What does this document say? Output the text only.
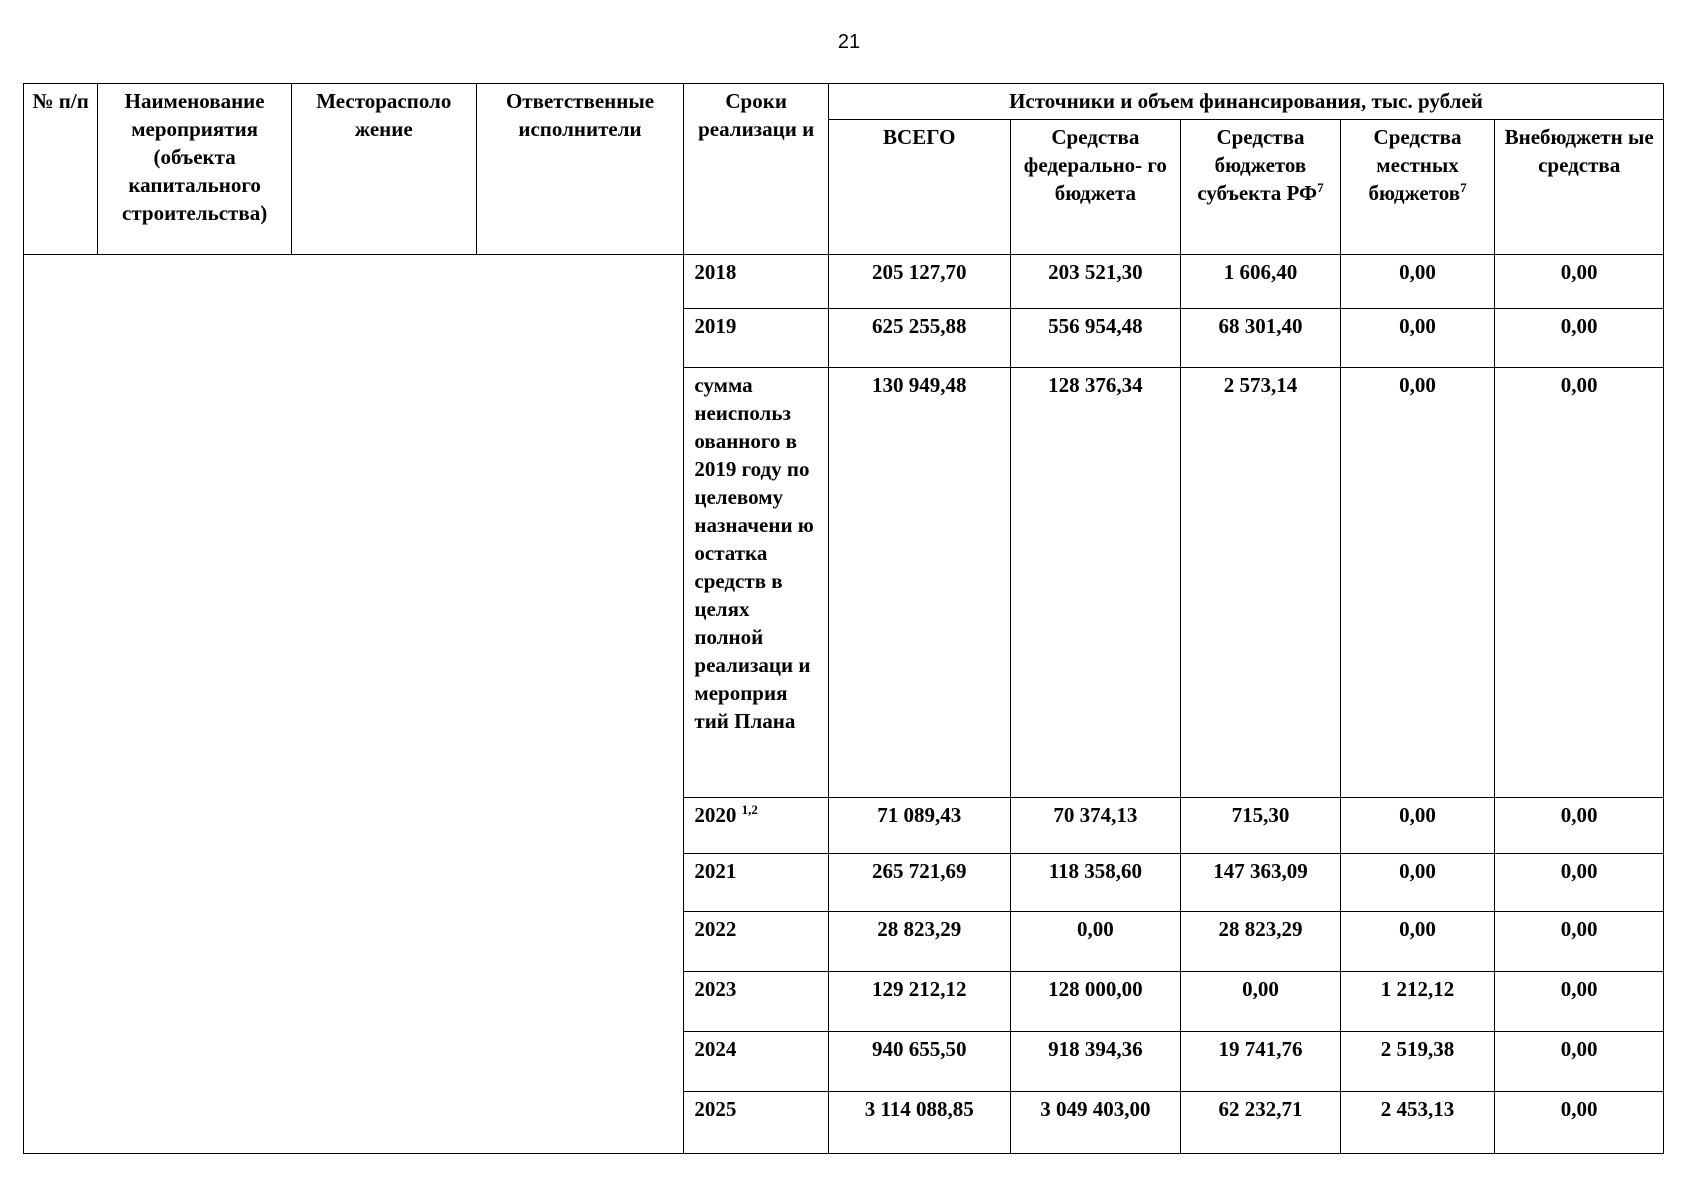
21
№ п/п	Наименование мероприятия (объекта капитального строительства)	Месторасполо жение	Ответственные исполнители	Сроки реализаци и	Источники и объем финансирования, тыс. рублей				
					ВСЕГО	Средства федерально- го бюджета	Средства бюджетов субъекта $РФ^7$	Средства местных бюджетов$^7$	Внебюджетн ые средства
				2018	205 127,70	203 521,30	1 606,40	0,00	0,00
				2019	625 255,88	556 954,48	68 301,40	0,00	0,00
				сумма неиспольз ованного в 2019 году по целевому назначени ю остатка средств в целях полной реализаци и мероприя тий Плана	130 949,48	128 376,34	2 573,14	0,00	0,00
				2020 $^{1,2}$	71 089,43	70 374,13	715,30	0,00	0,00
				2021	265 721,69	118 358,60	147 363,09	0,00	0,00
				2022	28 823,29	0,00	28 823,29	0,00	0,00
				2023	129 212,12	128 000,00	0,00	1 212,12	0,00
				2024	940 655,50	918 394,36	19 741,76	2 519,38	0,00
				2025	3 114 088,85	3 049 403,00	62 232,71	2 453,13	0,00
